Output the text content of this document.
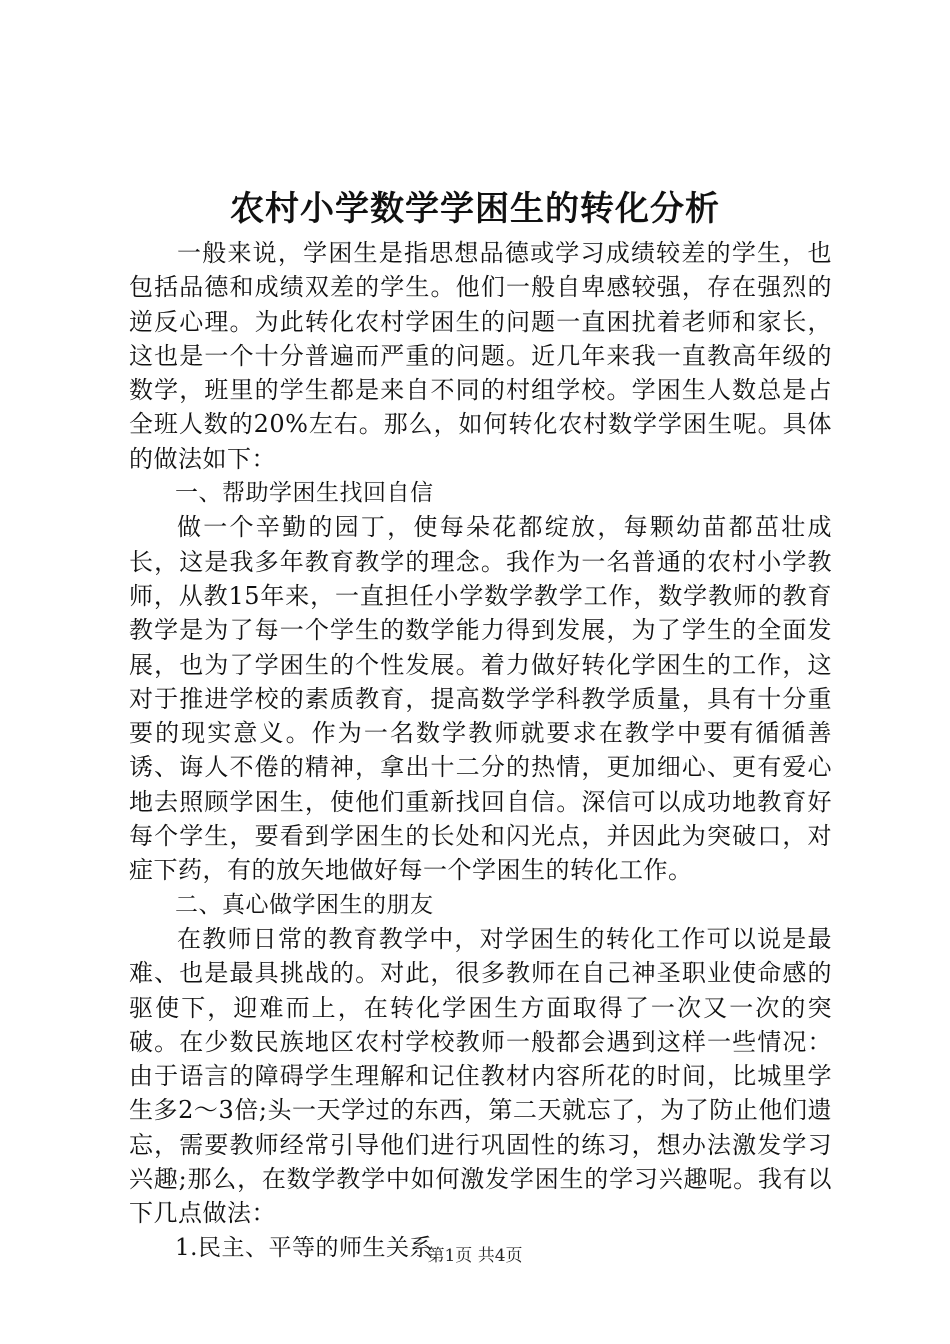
农村小学数学学困生的转化分析

一般来说，学困生是指思想品德或学习成绩较差的学生，也包括品德和成绩双差的学生。他们一般自卑感较强，存在强烈的逆反心理。为此转化农村学困生的问题一直困扰着老师和家长，这也是一个十分普遍而严重的问题。近几年来我一直教高年级的数学，班里的学生都是来自不同的村组学校。学困生人数总是占全班人数的20%左右。那么，如何转化农村数学学困生呢。具体的做法如下：

一、帮助学困生找回自信

做一个辛勤的园丁，使每朵花都绽放，每颗幼苗都茁壮成长，这是我多年教育教学的理念。我作为一名普通的农村小学教师，从教15年来，一直担任小学数学教学工作，数学教师的教育教学是为了每一个学生的数学能力得到发展，为了学生的全面发展，也为了学困生的个性发展。着力做好转化学困生的工作，这对于推进学校的素质教育，提高数学学科教学质量，具有十分重要的现实意义。作为一名数学教师就要求在教学中要有循循善诱、诲人不倦的精神，拿出十二分的热情，更加细心、更有爱心地去照顾学困生，使他们重新找回自信。深信可以成功地教育好每个学生，要看到学困生的长处和闪光点，并因此为突破口，对症下药，有的放矢地做好每一个学困生的转化工作。

二、真心做学困生的朋友

在教师日常的教育教学中，对学困生的转化工作可以说是最难、也是最具挑战的。对此，很多教师在自己神圣职业使命感的驱使下，迎难而上，在转化学困生方面取得了一次又一次的突破。在少数民族地区农村学校教师一般都会遇到这样一些情况：由于语言的障碍学生理解和记住教材内容所花的时间，比城里学生多2～3倍;头一天学过的东西，第二天就忘了，为了防止他们遗忘，需要教师经常引导他们进行巩固性的练习，想办法激发学习兴趣;那么，在数学教学中如何激发学困生的学习兴趣呢。我有以下几点做法：

1.民主、平等的师生关系

第1页 共4页
